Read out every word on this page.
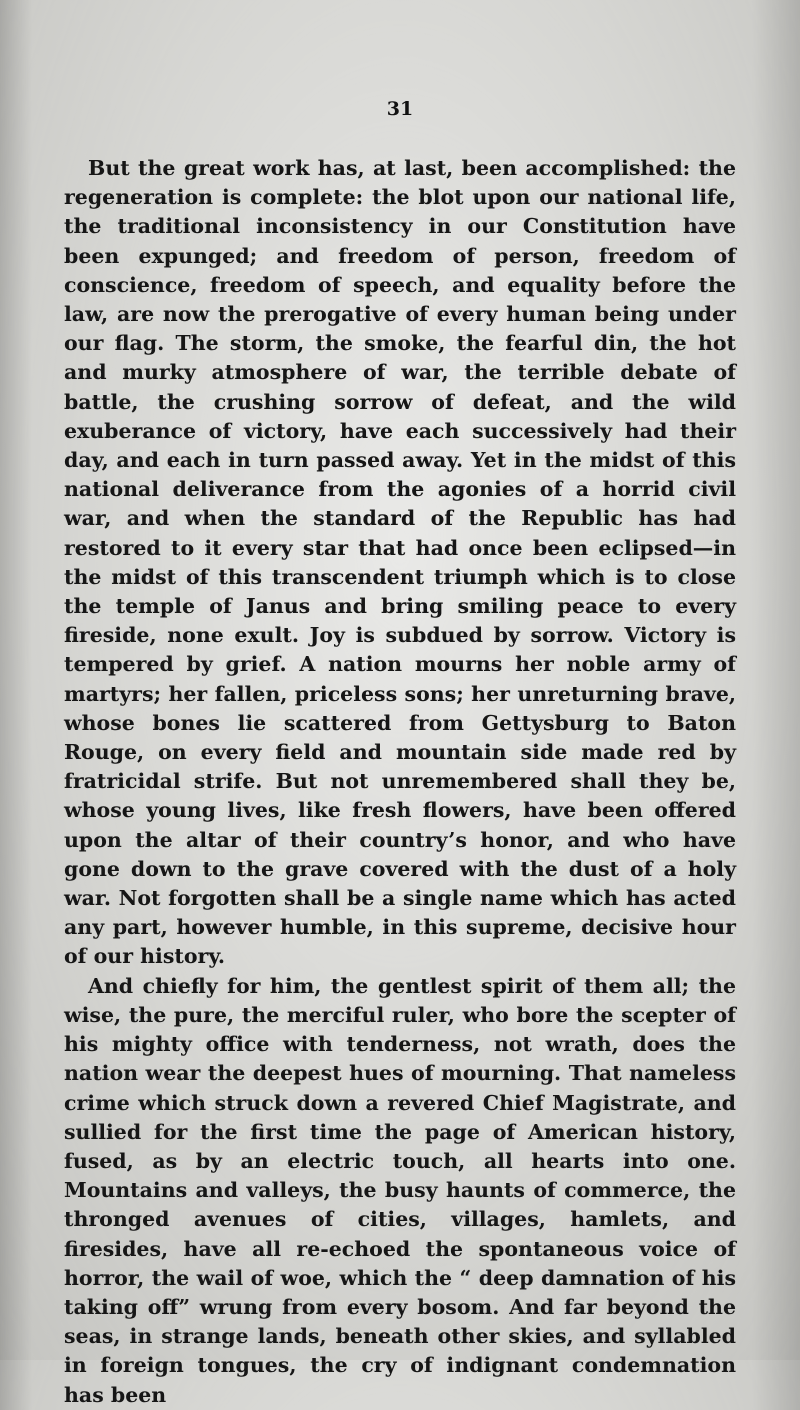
31

But the great work has, at last, been accomplished: the regeneration is complete: the blot upon our national life, the traditional inconsistency in our Constitution have been expunged; and freedom of person, freedom of conscience, freedom of speech, and equality before the law, are now the prerogative of every human being under our flag. The storm, the smoke, the fearful din, the hot and murky atmosphere of war, the terrible debate of battle, the crushing sorrow of defeat, and the wild exuberance of victory, have each successively had their day, and each in turn passed away. Yet in the midst of this national deliverance from the agonies of a horrid civil war, and when the standard of the Republic has had restored to it every star that had once been eclipsed—in the midst of this transcendent triumph which is to close the temple of Janus and bring smiling peace to every fireside, none exult. Joy is subdued by sorrow. Victory is tempered by grief. A nation mourns her noble army of martyrs; her fallen, priceless sons; her unreturning brave, whose bones lie scattered from Gettysburg to Baton Rouge, on every field and mountain side made red by fratricidal strife. But not unremembered shall they be, whose young lives, like fresh flowers, have been offered upon the altar of their country’s honor, and who have gone down to the grave covered with the dust of a holy war. Not forgotten shall be a single name which has acted any part, however humble, in this supreme, decisive hour of our history.

And chiefly for him, the gentlest spirit of them all; the wise, the pure, the merciful ruler, who bore the scepter of his mighty office with tenderness, not wrath, does the nation wear the deepest hues of mourning. That nameless crime which struck down a revered Chief Magistrate, and sullied for the first time the page of American history, fused, as by an electric touch, all hearts into one. Mountains and valleys, the busy haunts of commerce, the thronged avenues of cities, villages, hamlets, and firesides, have all re-echoed the spontaneous voice of horror, the wail of woe, which the “ deep damnation of his taking off” wrung from every bosom. And far beyond the seas, in strange lands, beneath other skies, and syllabled in foreign tongues, the cry of indignant condemnation has been
